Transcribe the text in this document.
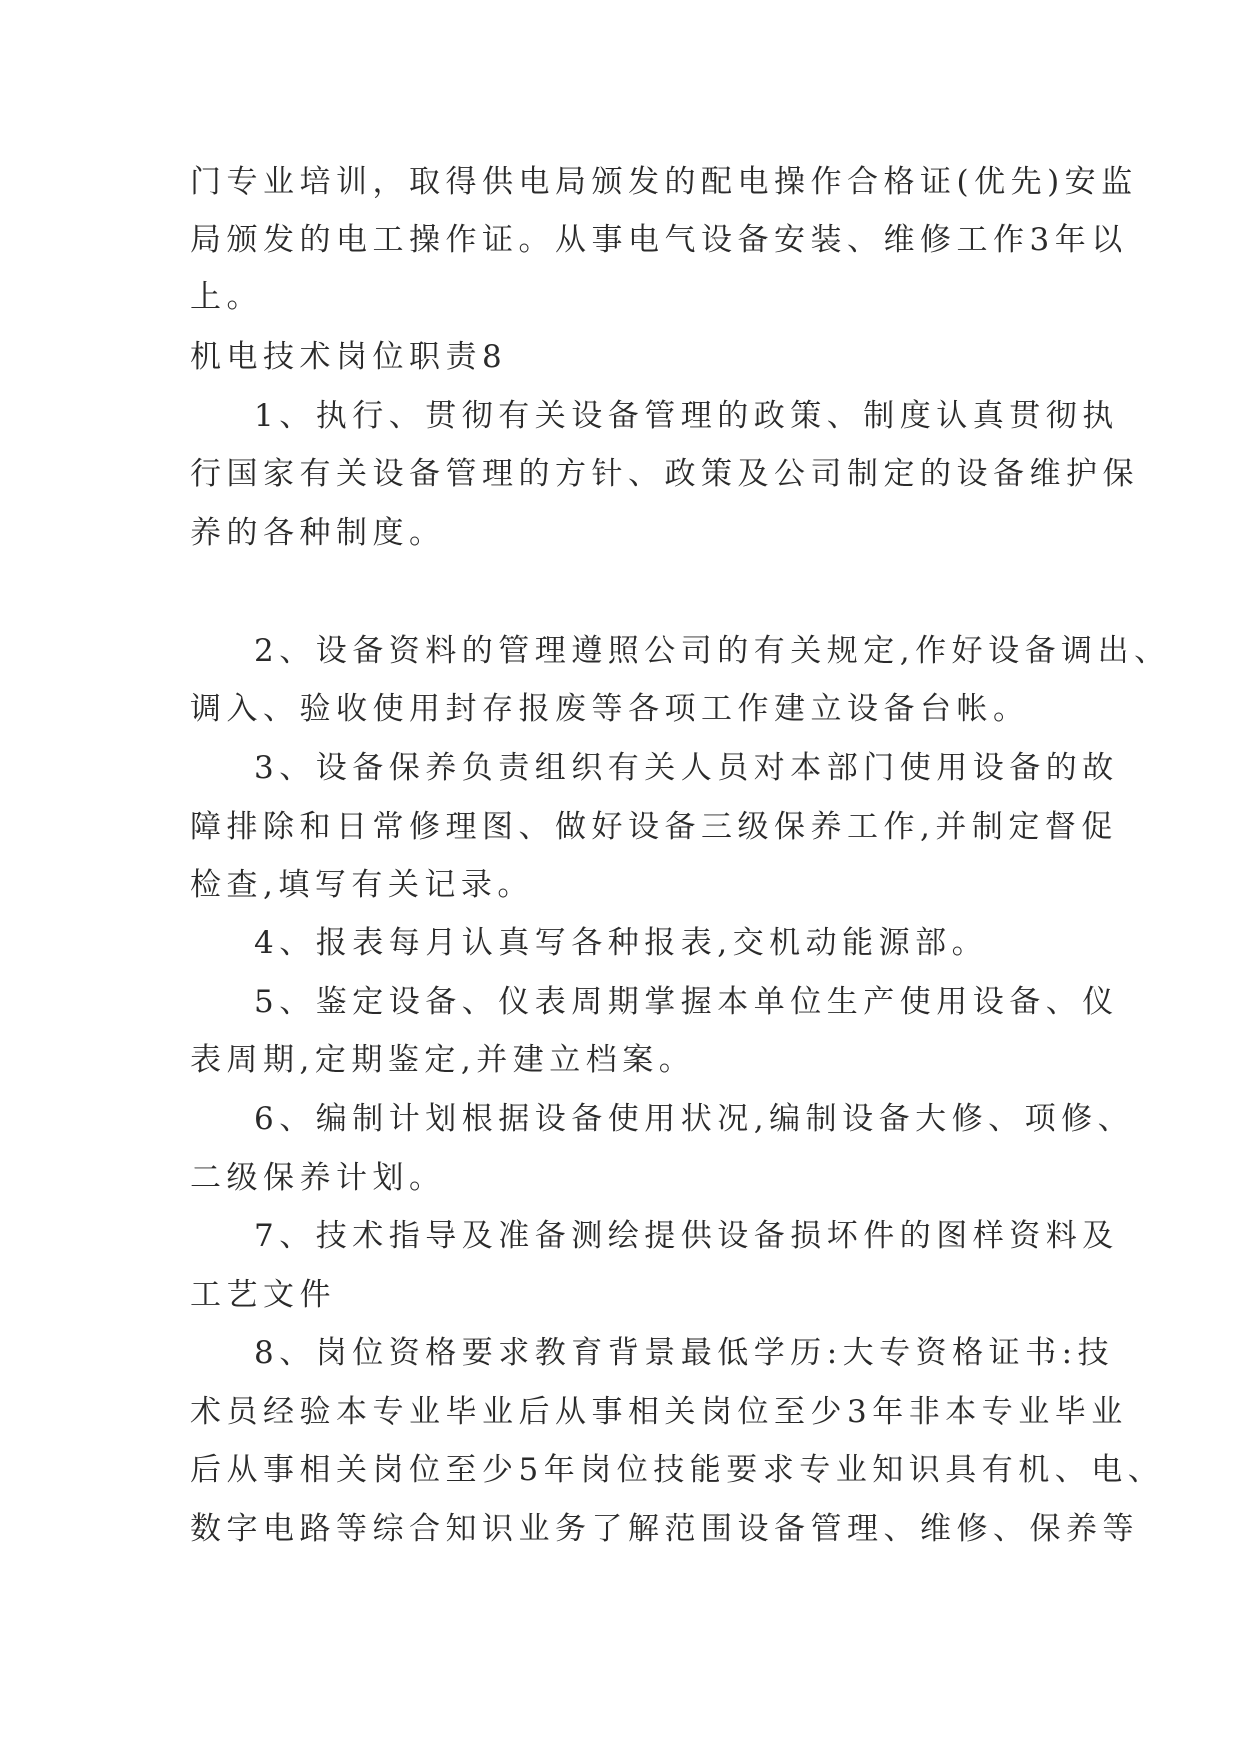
门专业培训，取得供电局颁发的配电操作合格证(优先)安监
局颁发的电工操作证。从事电气设备安装、维修工作3年以
上。
机电技术岗位职责8
1、执行、贯彻有关设备管理的政策、制度认真贯彻执
行国家有关设备管理的方针、政策及公司制定的设备维护保
养的各种制度。
2、设备资料的管理遵照公司的有关规定,作好设备调出、
调入、验收使用封存报废等各项工作建立设备台帐。
3、设备保养负责组织有关人员对本部门使用设备的故
障排除和日常修理图、做好设备三级保养工作,并制定督促
检查,填写有关记录。
4、报表每月认真写各种报表,交机动能源部。
5、鉴定设备、仪表周期掌握本单位生产使用设备、仪
表周期,定期鉴定,并建立档案。
6、编制计划根据设备使用状况,编制设备大修、项修、
二级保养计划。
7、技术指导及准备测绘提供设备损坏件的图样资料及
工艺文件
8、岗位资格要求教育背景最低学历:大专资格证书:技
术员经验本专业毕业后从事相关岗位至少3年非本专业毕业
后从事相关岗位至少5年岗位技能要求专业知识具有机、电、
数字电路等综合知识业务了解范围设备管理、维修、保养等
